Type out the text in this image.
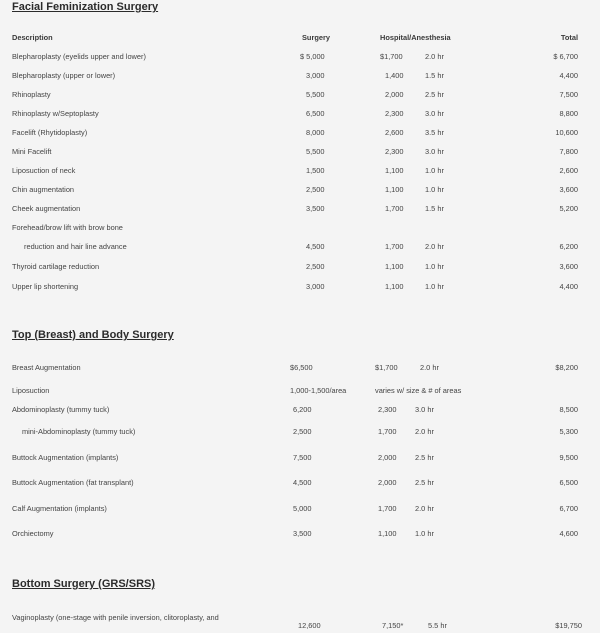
Facial Feminization Surgery
Description	Surgery	Hospital/Anesthesia	Total
Blepharoplasty (eyelids upper and lower)	$ 5,000	$1,700	2.0 hr	$ 6,700
Blepharoplasty (upper or lower)	3,000	1,400	1.5 hr	4,400
Rhinoplasty	5,500	2,000	2.5 hr	7,500
Rhinoplasty w/Septoplasty	6,500	2,300	3.0 hr	8,800
Facelift (Rhytidoplasty)	8,000	2,600	3.5 hr	10,600
Mini Facelift	5,500	2,300	3.0 hr	7,800
Liposuction of neck	1,500	1,100	1.0 hr	2,600
Chin augmentation	2,500	1,100	1.0 hr	3,600
Cheek augmentation	3,500	1,700	1.5 hr	5,200
Forehead/brow lift with brow bone
reduction and hair line advance	4,500	1,700	2.0 hr	6,200
Thyroid cartilage reduction	2,500	1,100	1.0 hr	3,600
Upper lip shortening	3,000	1,100	1.0 hr	4,400
Top (Breast) and Body Surgery
Breast Augmentation	$6,500	$1,700	2.0 hr	$8,200
Liposuction	1,000-1,500/area	varies w/ size & # of areas
Abdominoplasty (tummy tuck)	6,200	2,300	3.0 hr	8,500
mini-Abdominoplasty (tummy tuck)	2,500	1,700	2.0 hr	5,300
Buttock Augmentation (implants)	7,500	2,000	2.5 hr	9,500
Buttock Augmentation (fat transplant)	4,500	2,000	2.5 hr	6,500
Calf Augmentation (implants)	5,000	1,700	2.0 hr	6,700
Orchiectomy	3,500	1,100	1.0 hr	4,600
Bottom Surgery (GRS/SRS)
Vaginoplasty (one-stage with penile inversion, clitoroplasty, and
12,600	7,150*	5.5 hr	$19,750
